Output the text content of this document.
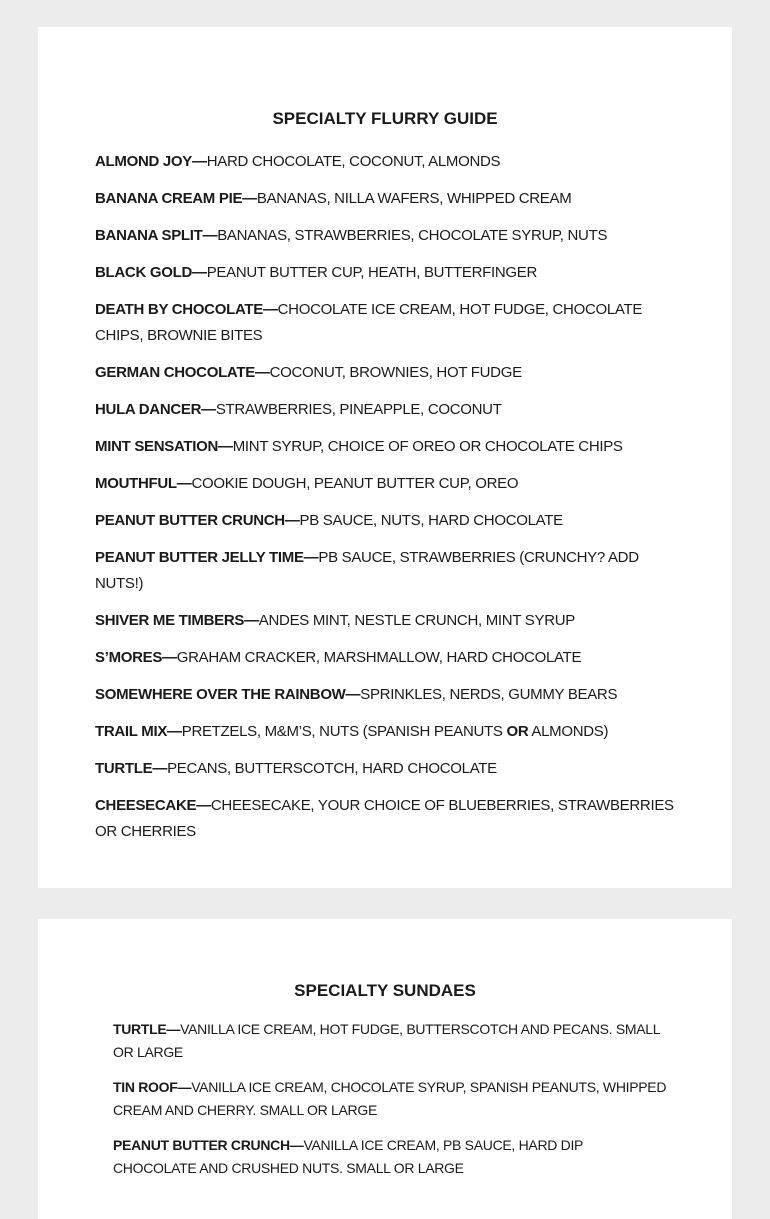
SPECIALTY FLURRY GUIDE
ALMOND JOY—HARD CHOCOLATE, COCONUT, ALMONDS
BANANA CREAM PIE—BANANAS, NILLA WAFERS, WHIPPED CREAM
BANANA SPLIT—BANANAS, STRAWBERRIES, CHOCOLATE SYRUP, NUTS
BLACK GOLD—PEANUT BUTTER CUP, HEATH, BUTTERFINGER
DEATH BY CHOCOLATE—CHOCOLATE ICE CREAM, HOT FUDGE, CHOCOLATE CHIPS, BROWNIE BITES
GERMAN CHOCOLATE—COCONUT, BROWNIES, HOT FUDGE
HULA DANCER—STRAWBERRIES, PINEAPPLE, COCONUT
MINT SENSATION—MINT SYRUP, CHOICE OF OREO OR CHOCOLATE CHIPS
MOUTHFUL—COOKIE DOUGH, PEANUT BUTTER CUP, OREO
PEANUT BUTTER CRUNCH—PB SAUCE, NUTS, HARD CHOCOLATE
PEANUT BUTTER JELLY TIME—PB SAUCE, STRAWBERRIES (CRUNCHY? ADD NUTS!)
SHIVER ME TIMBERS—ANDES MINT, NESTLE CRUNCH, MINT SYRUP
S’MORES—GRAHAM CRACKER, MARSHMALLOW, HARD CHOCOLATE
SOMEWHERE OVER THE RAINBOW—SPRINKLES, NERDS, GUMMY BEARS
TRAIL MIX—PRETZELS, M&M’S, NUTS (SPANISH PEANUTS OR ALMONDS)
TURTLE—PECANS, BUTTERSCOTCH, HARD CHOCOLATE
CHEESECAKE—CHEESECAKE, YOUR CHOICE OF BLUEBERRIES, STRAWBERRIES OR CHERRIES
SPECIALTY SUNDAES
TURTLE—VANILLA ICE CREAM, HOT FUDGE, BUTTERSCOTCH AND PECANS. SMALL OR LARGE
TIN ROOF—VANILLA ICE CREAM, CHOCOLATE SYRUP, SPANISH PEANUTS, WHIPPED CREAM AND CHERRY. SMALL OR LARGE
PEANUT BUTTER CRUNCH—VANILLA ICE CREAM, PB SAUCE, HARD DIP CHOCOLATE AND CRUSHED NUTS. SMALL OR LARGE
